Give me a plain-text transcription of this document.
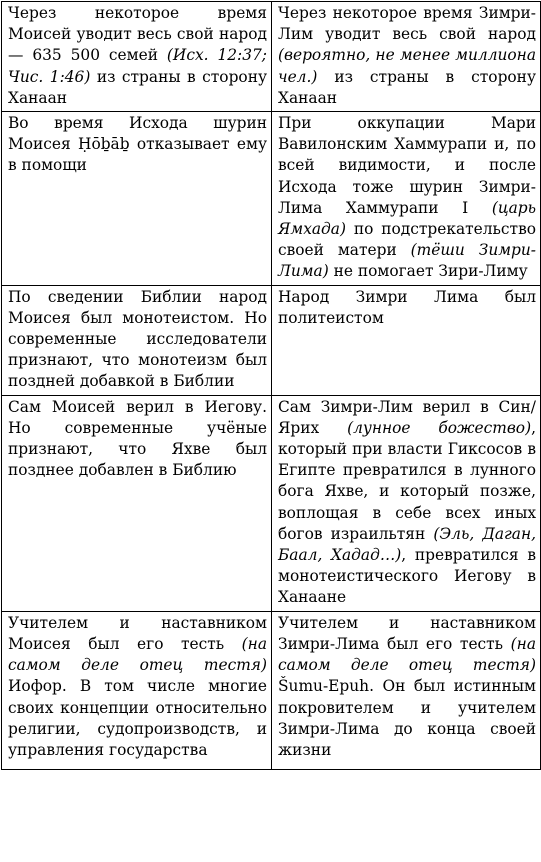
Через некоторое время Моисей уводит весь свой народ — 635 500 семей (Исх. 12:37; Чис. 1:46) из страны в сторону Ханаан	Через некоторое время Зимри-Лим уводит весь свой народ (вероятно, не менее миллиона чел.) из страны в сторону Ханаан
Во время Исхода шурин Моисея Ḥōḇāḇ отказывает ему в помощи	При оккупации Мари Вавилонским Хаммурапи и, по всей видимости, и после Исхода тоже шурин Зимри-Лима Хаммурапи I (царь Ямхада) по подстрекательство своей матери (тёши Зимри-Лима) не помогает Зири-Лиму
По сведении Библии народ Моисея был монотеистом. Но современные исследователи признают, что монотеизм был поздней добавкой в Библии	Народ Зимри Лима был политеистом
Сам Моисей верил в Иегову. Но современные учёные признают, что Яхве был позднее добавлен в Библию	Сам Зимри-Лим верил в Син/Ярих (лунное божество), который при власти Гиксосов в Египте превратился в лунного бога Яхве, и который позже, воплощая в себе всех иных богов израильтян (Эль, Даган, Баал, Хадад…), превратился в монотеистического Иегову в Ханаане
Учителем и наставником Моисея был его тесть (на самом деле отец тестя) Иофор. В том числе многие своих концепции относительно религии, судопроизводств, и управления государства	Учителем и наставником Зимри-Лима был его тесть (на самом деле отец тестя) Šumu-Epuh. Он был истинным покровителем и учителем Зимри-Лима до конца своей жизни
